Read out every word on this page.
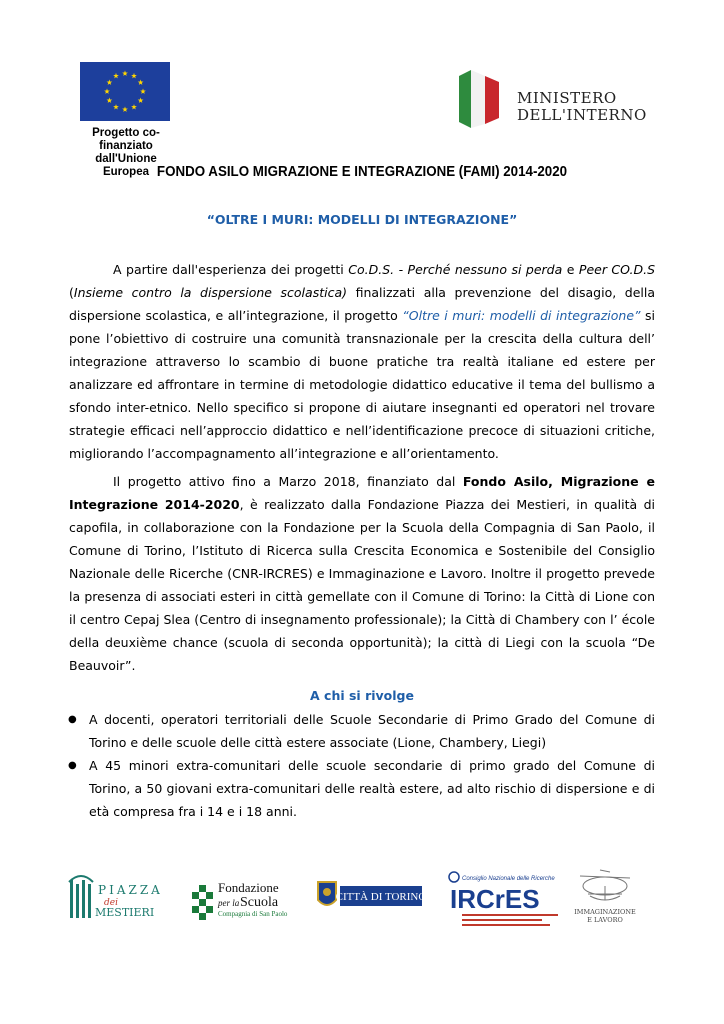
Progetto co-finanziato
dall'Unione Europea
MINISTERO
DELL'INTERNO
FONDO ASILO MIGRAZIONE E INTEGRAZIONE (FAMI) 2014-2020
“OLTRE I MURI: MODELLI DI INTEGRAZIONE”

A partire dall'esperienza dei progetti Co.D.S. - Perché nessuno si perda e Peer CO.D.S (Insieme contro la dispersione scolastica) finalizzati alla prevenzione del disagio, della dispersione scolastica, e all’integrazione, il progetto “Oltre i muri: modelli di integrazione” si pone l’obiettivo di costruire una comunità transnazionale per la crescita della cultura dell’ integrazione attraverso lo scambio di buone pratiche tra realtà italiane ed estere per analizzare ed affrontare in termine di metodologie didattico educative il tema del bullismo a sfondo inter-etnico. Nello specifico si propone di aiutare insegnanti ed operatori nel trovare strategie efficaci nell’approccio didattico e nell’identificazione precoce di situazioni critiche, migliorando l’accompagnamento all’integrazione e all’orientamento.

Il progetto attivo fino a Marzo 2018, finanziato dal Fondo Asilo, Migrazione e Integrazione 2014-2020, è realizzato dalla Fondazione Piazza dei Mestieri, in qualità di capofila, in collaborazione con la Fondazione per la Scuola della Compagnia di San Paolo, il Comune di Torino, l’Istituto di Ricerca sulla Crescita Economica e Sostenibile del Consiglio Nazionale delle Ricerche (CNR-IRCRES) e Immaginazione e Lavoro. Inoltre il progetto prevede la presenza di associati esteri in città gemellate con il Comune di Torino: la Città di Lione con il centro Cepaj Slea (Centro di insegnamento professionale); la Città di Chambery con l’ école della deuxième chance (scuola di seconda opportunità); la città di Liegi con la scuola “De Beauvoir”.

A chi si rivolge
● A docenti, operatori territoriali delle Scuole Secondarie di Primo Grado del Comune di Torino e delle scuole delle città estere associate (Lione, Chambery, Liegi)
● A 45 minori extra-comunitari delle scuole secondarie di primo grado del Comune di Torino, a 50 giovani extra-comunitari delle realtà estere, ad alto rischio di dispersione e di età compresa fra i 14 e i 18 anni.
PIAZZA
dei
MESTIERI
Fondazione
per la Scuola
Compagnia di San Paolo
CITTÀ DI TORINO
Consiglio Nazionale delle Ricerche
IRCrES	IMMAGINAZIONE
E LAVORO
